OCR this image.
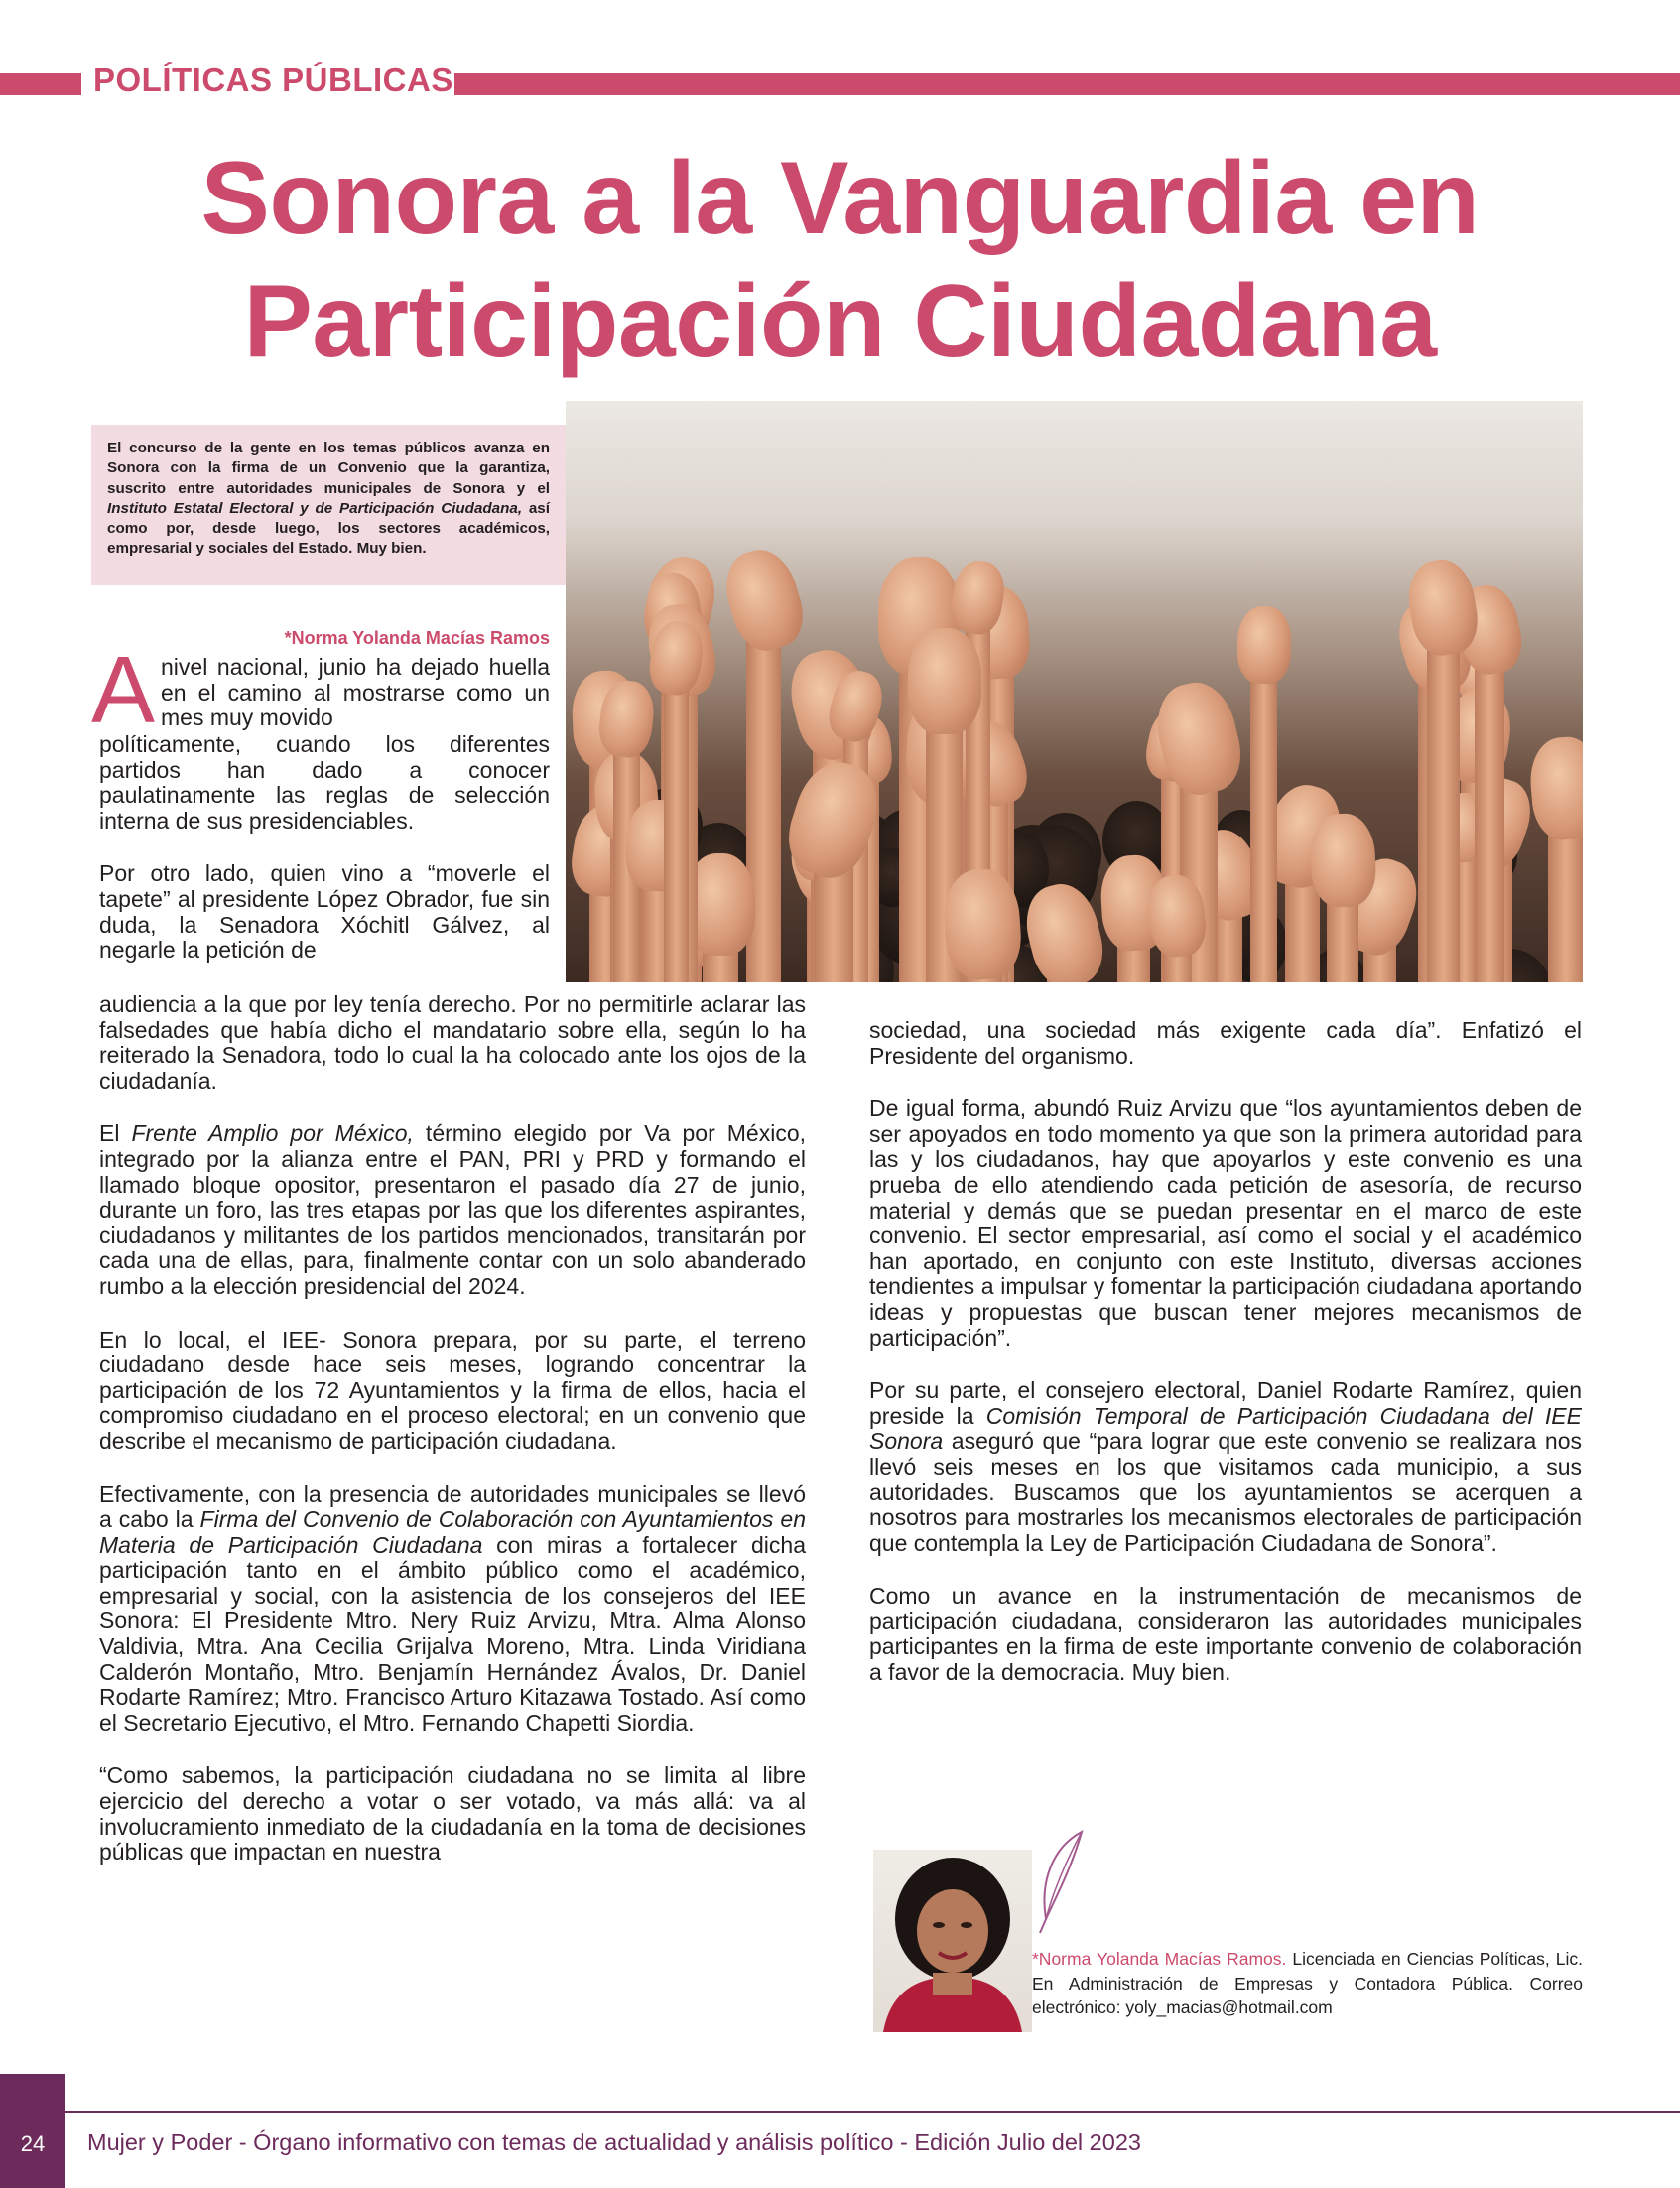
POLÍTICAS PÚBLICAS
Sonora a la Vanguardia en
Participación Ciudadana
El concurso de la gente en los temas públicos avanza en Sonora con la firma de un Convenio que la garantiza, suscrito entre autoridades municipales de Sonora y el Instituto Estatal Electoral y de Participación Ciudadana, así como por, desde luego, los sectores académicos, empresarial y sociales del Estado. Muy bien.
*Norma Yolanda Macías Ramos
A nivel nacional, junio ha dejado huella en el camino al mostrarse como un mes muy movido

políticamente, cuando los diferentes partidos han dado a conocer paulatinamente las reglas de selección interna de sus presidenciables.

Por otro lado, quien vino a “moverle el tapete” al presidente López Obrador, fue sin duda, la Senadora Xóchitl Gálvez, al negarle la petición de

audiencia a la que por ley tenía derecho. Por no permitirle aclarar las falsedades que había dicho el mandatario sobre ella, según lo ha reiterado la Senadora, todo lo cual la ha colocado ante los ojos de la ciudadanía.

El Frente Amplio por México, término elegido por Va por México, integrado por la alianza entre el PAN, PRI y PRD y formando el llamado bloque opositor, presentaron el pasado día 27 de junio, durante un foro, las tres etapas por las que los diferentes aspirantes, ciudadanos y militantes de los partidos mencionados, transitarán por cada una de ellas, para, finalmente contar con un solo abanderado rumbo a la elección presidencial del 2024.

En lo local, el IEE- Sonora prepara, por su parte, el terreno ciudadano desde hace seis meses, logrando concentrar la participación de los 72 Ayuntamientos y la firma de ellos, hacia el compromiso ciudadano en el proceso electoral; en un convenio que describe el mecanismo de participación ciudadana.

Efectivamente, con la presencia de autoridades municipales se llevó a cabo la Firma del Convenio de Colaboración con Ayuntamientos en Materia de Participación Ciudadana con miras a fortalecer dicha participación tanto en el ámbito público como el académico, empresarial y social, con la asistencia de los consejeros del IEE Sonora: El Presidente Mtro. Nery Ruiz Arvizu, Mtra. Alma Alonso Valdivia, Mtra. Ana Cecilia Grijalva Moreno, Mtra. Linda Viridiana Calderón Montaño, Mtro. Benjamín Hernández Ávalos, Dr. Daniel Rodarte Ramírez; Mtro. Francisco Arturo Kitazawa Tostado. Así como el Secretario Ejecutivo, el Mtro. Fernando Chapetti Siordia.

“Como sabemos, la participación ciudadana no se limita al libre ejercicio del derecho a votar o ser votado, va más allá: va al involucramiento inmediato de la ciudadanía en la toma de decisiones públicas que impactan en nuestra

sociedad, una sociedad más exigente cada día”. Enfatizó el Presidente del organismo.

De igual forma, abundó Ruiz Arvizu que “los ayuntamientos deben de ser apoyados en todo momento ya que son la primera autoridad para las y los ciudadanos, hay que apoyarlos y este convenio es una prueba de ello atendiendo cada petición de asesoría, de recurso material y demás que se puedan presentar en el marco de este convenio. El sector empresarial, así como el social y el académico han aportado, en conjunto con este Instituto, diversas acciones tendientes a impulsar y fomentar la participación ciudadana aportando ideas y propuestas que buscan tener mejores mecanismos de participación”.

Por su parte, el consejero electoral, Daniel Rodarte Ramírez, quien preside la Comisión Temporal de Participación Ciudadana del IEE Sonora aseguró que “para lograr que este convenio se realizara nos llevó seis meses en los que visitamos cada municipio, a sus autoridades. Buscamos que los ayuntamientos se acerquen a nosotros para mostrarles los mecanismos electorales de participación que contempla la Ley de Participación Ciudadana de Sonora”.

Como un avance en la instrumentación de mecanismos de participación ciudadana, consideraron las autoridades municipales participantes en la firma de este importante convenio de colaboración a favor de la democracia. Muy bien.

*Norma Yolanda Macías Ramos. Licenciada en Ciencias Políticas, Lic. En Administración de Empresas y Contadora Pública. Correo electrónico: yoly_macias@hotmail.com
24	Mujer y Poder - Órgano informativo con temas de actualidad y análisis político - Edición Julio del 2023
